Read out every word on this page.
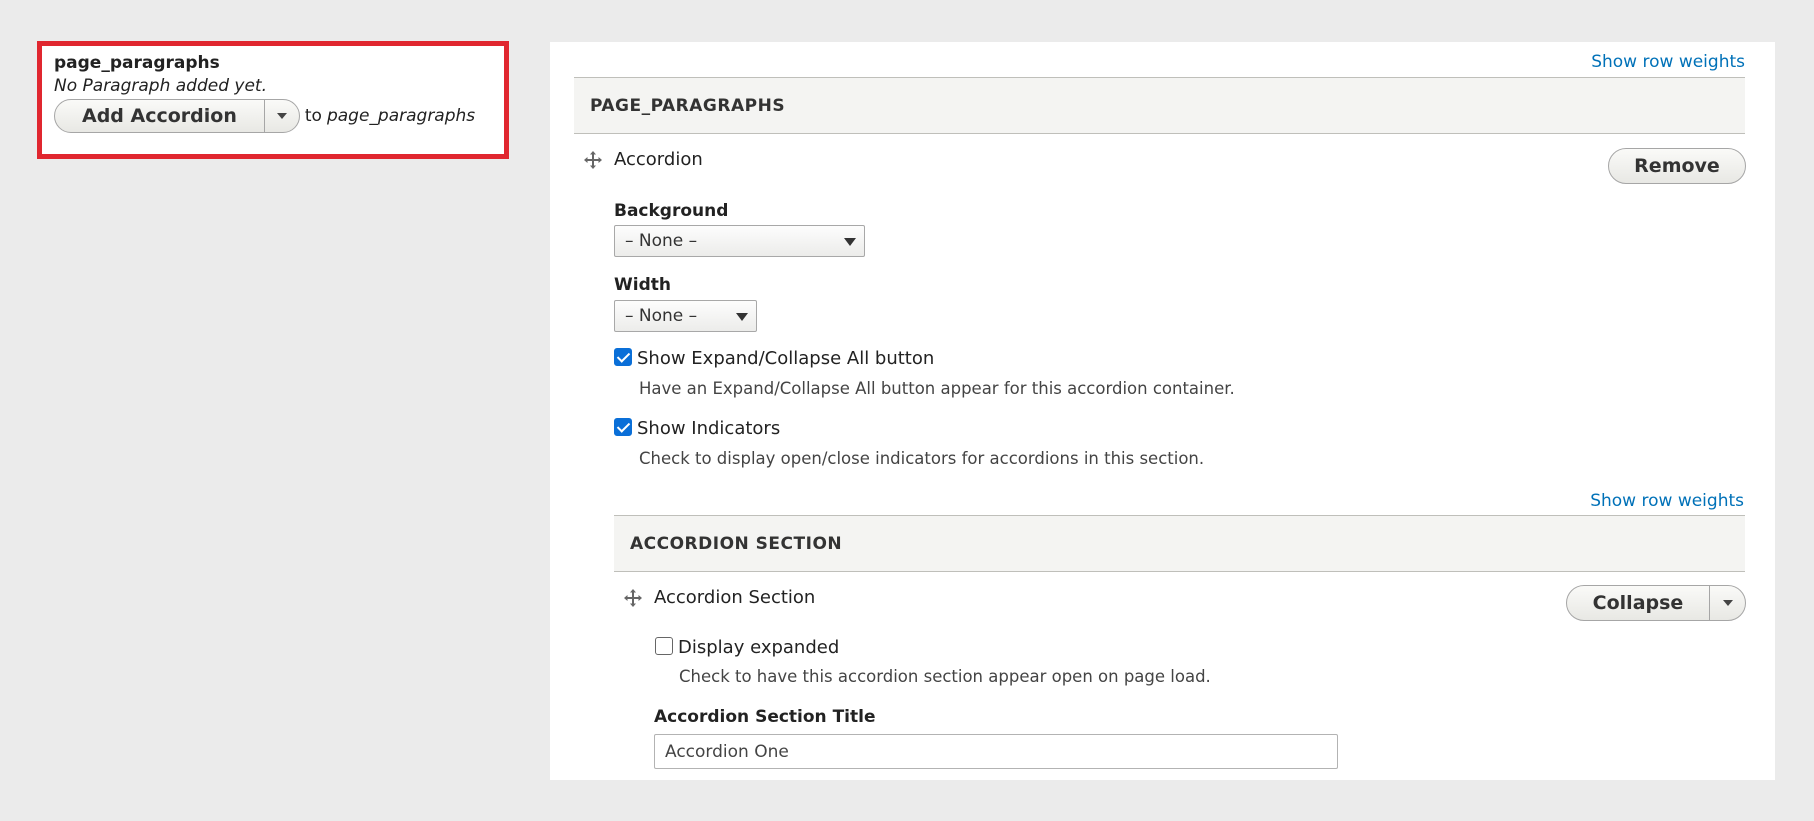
page_paragraphs
No Paragraph added yet.
Add Accordion	to page_paragraphs
Show row weights
PAGE_PARAGRAPHS
Accordion	Remove
Background
– None –
Width
– None –
Show Expand/Collapse All button
Have an Expand/Collapse All button appear for this accordion container.
Show Indicators
Check to display open/close indicators for accordions in this section.
Show row weights
ACCORDION SECTION
Accordion Section	Collapse
Display expanded
Check to have this accordion section appear open on page load.
Accordion Section Title
Accordion One
